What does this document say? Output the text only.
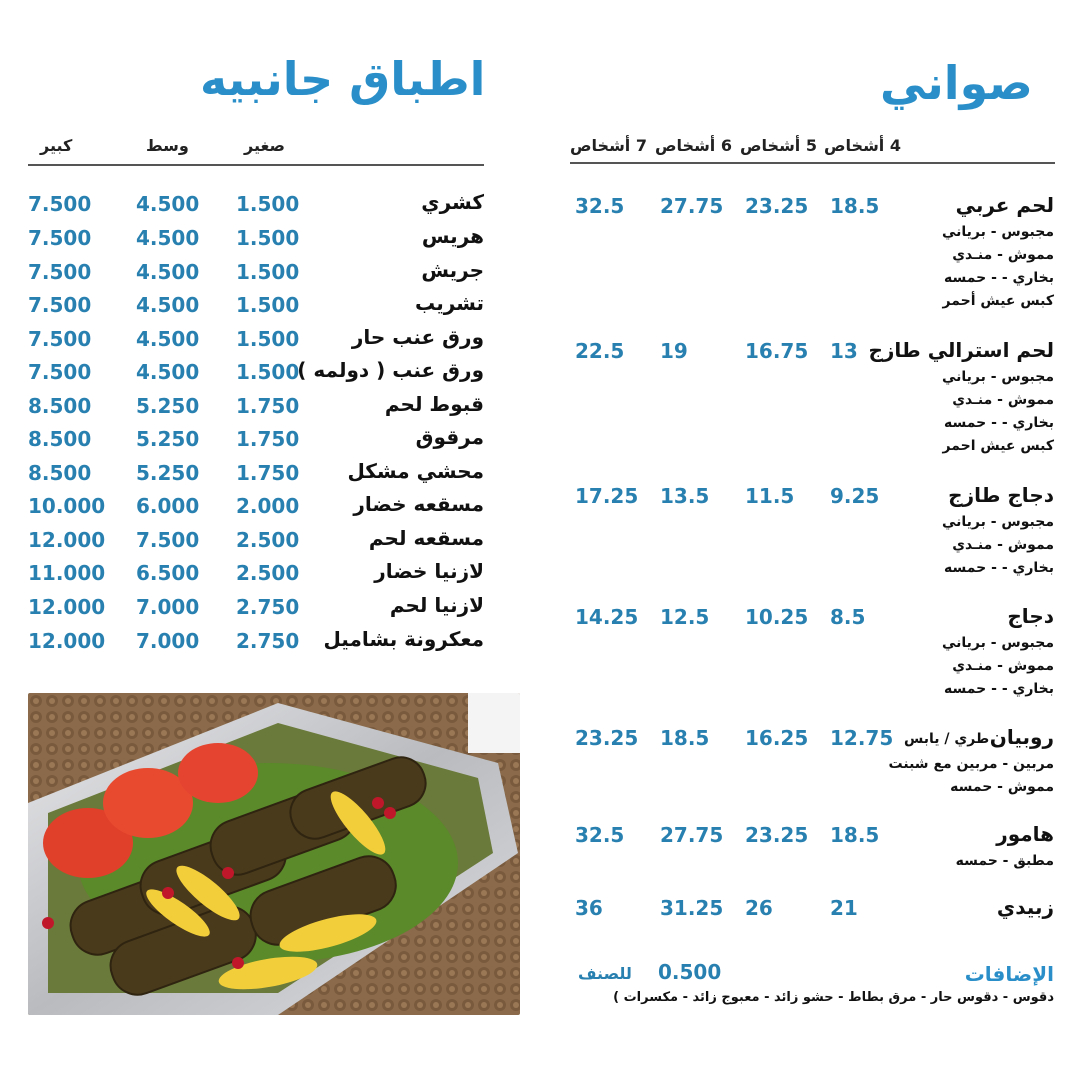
اطباق جانبيه
صغير
وسط
كبير
كشري
1.500
4.500
7.500
هريس
1.500
4.500
7.500
جريش
1.500
4.500
7.500
تشريب
1.500
4.500
7.500
ورق عنب حار
1.500
4.500
7.500
ورق عنب ( دولمه )
1.500
4.500
7.500
قبوط لحم
1.750
5.250
8.500
مرقوق
1.750
5.250
8.500
محشي مشكل
1.750
5.250
8.500
مسقعه خضار
2.000
6.000
10.000
مسقعه لحم
2.500
7.500
12.000
لازنيا خضار
2.500
6.500
11.000
لازنيا لحم
2.750
7.000
12.000
معكرونة بشاميل
2.750
7.000
12.000
صواني
4 أشخاص
5 أشخاص
6 أشخاص
7 أشخاص
لحم عربي
18.5
23.25
27.75
32.5
مجبوس - برياني
مموش - منـدي
بخاري - - حمسه
كبس عيش أحمر
لحم استرالي طازج
13
16.75
19
22.5
مجبوس - برياني
مموش - منـدي
بخاري - - حمسه
كبس عيش احمر
دجاج طازج
9.25
11.5
13.5
17.25
مجبوس - برياني
مموش - منـدي
بخاري - - حمسه
دجاج
8.5
10.25
12.5
14.25
مجبوس - برياني
مموش - منـدي
بخاري - - حمسه
روبيان
طري / يابس
12.75
16.25
18.5
23.25
مربين - مربين مع شبنت
مموش - حمسه
هامور
18.5
23.25
27.75
32.5
مطبق - حمسه
زبيدي
21
26
31.25
36
الإضافات
0.500
للصنف
دقوس - دقوس حار - مرق بطاط - حشو زائد - معبوج زائد - مكسرات )
